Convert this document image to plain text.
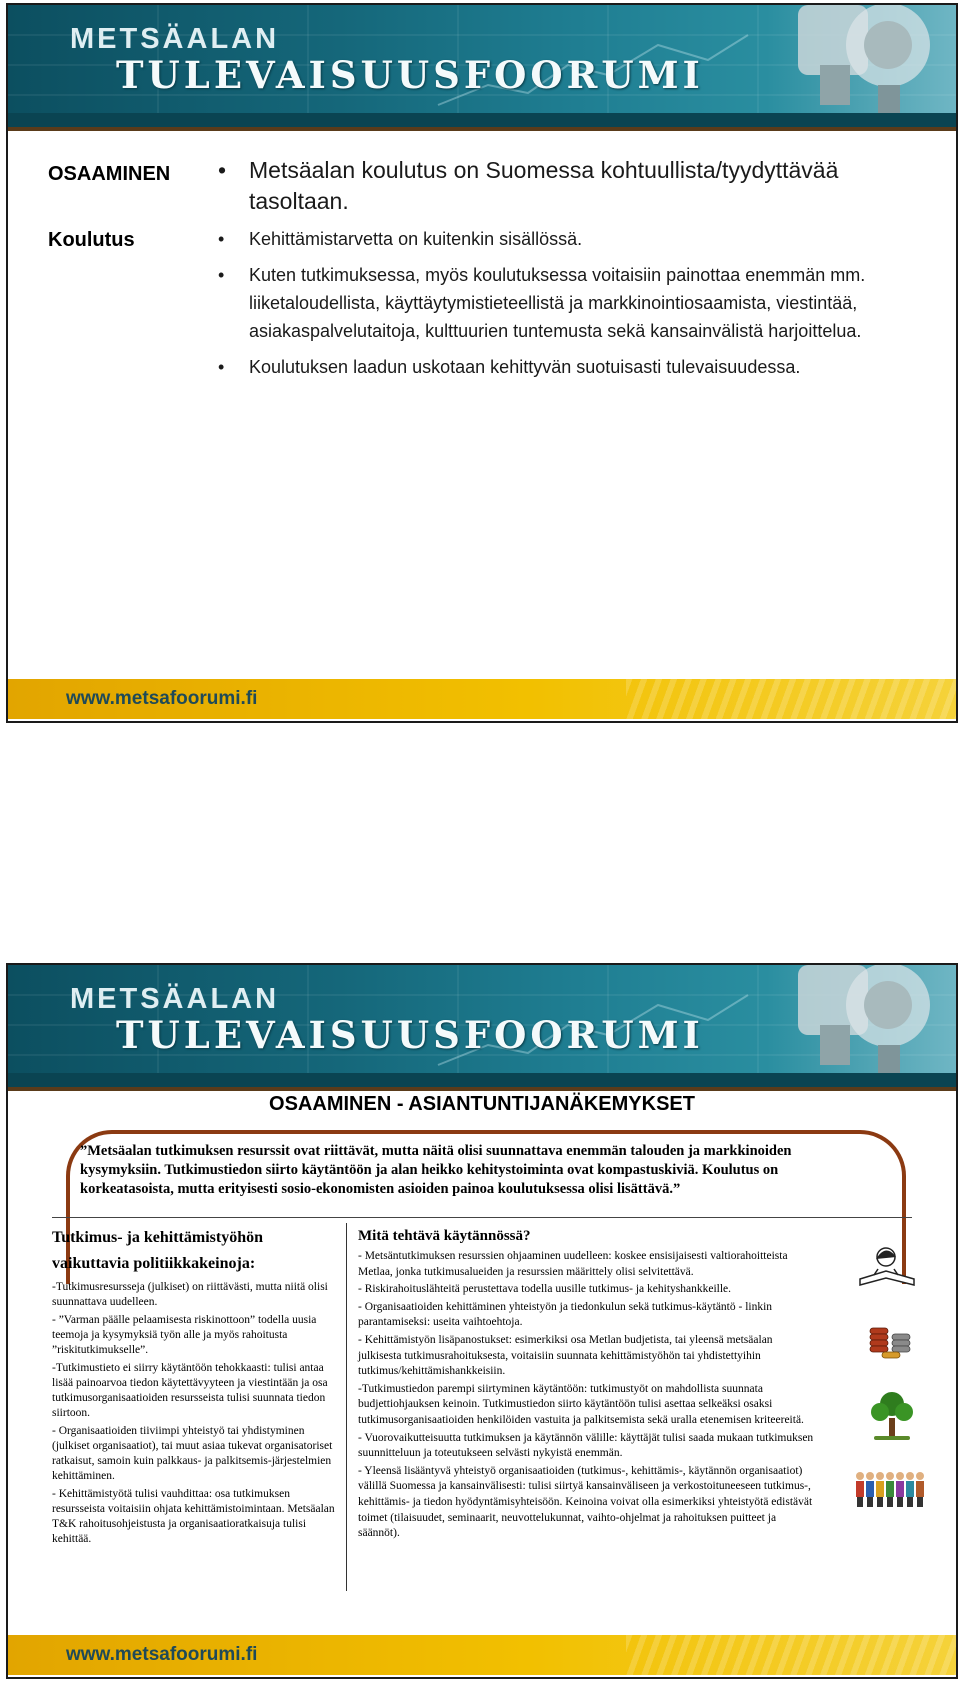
METSÄALAN
TULEVAISUUSFOORUMI
OSAAMINEN
Koulutus
• Metsäalan koulutus on Suomessa kohtuullista/tyydyttävää tasoltaan.
• Kehittämistarvetta on kuitenkin sisällössä.
• Kuten tutkimuksessa, myös koulutuksessa voitaisiin painottaa enemmän mm. liiketaloudellista, käyttäytymistieteellistä ja markkinointiosaamista, viestintää, asiakaspalvelutaitoja, kulttuurien tuntemusta sekä kansainvälistä harjoittelua.
• Koulutuksen laadun uskotaan kehittyvän suotuisasti tulevaisuudessa.
www.metsafoorumi.fi
METSÄALAN
TULEVAISUUSFOORUMI
OSAAMINEN - ASIANTUNTIJANÄKEMYKSET
”Metsäalan tutkimuksen resurssit ovat riittävät, mutta näitä olisi suunnattava enemmän talouden ja markkinoiden kysymyksiin. Tutkimustiedon siirto käytäntöön ja alan heikko kehitystoiminta ovat kompastuskiviä. Koulutus on korkeatasoista, mutta erityisesti sosio-ekonomisten asioiden painoa koulutuksessa olisi lisättävä.”
Tutkimus- ja kehittämistyöhön
vaikuttavia politiikkakeinoja:

-Tutkimusresursseja (julkiset) on riittävästi, mutta niitä olisi suunnattava uudelleen.

- ”Varman päälle pelaamisesta riskinottoon” todella uusia teemoja ja kysymyksiä työn alle ja myös rahoitusta ”riskitutkimukselle”.

-Tutkimustieto ei siirry käytäntöön tehokkaasti: tulisi antaa lisää painoarvoa tiedon käytettävyyteen ja viestintään ja osa tutkimusorganisaatioiden resursseista tulisi suunnata tiedon siirtoon.

- Organisaatioiden tiiviimpi yhteistyö tai yhdistyminen (julkiset organisaatiot), tai muut asiaa tukevat organisatoriset ratkaisut, samoin kuin palkkaus- ja palkitsemis-järjestelmien kehittäminen.

- Kehittämistyötä tulisi vauhdittaa: osa tutkimuksen resursseista voitaisiin ohjata kehittämistoimintaan. Metsäalan T&K rahoitusohjeistusta ja organisaatioratkaisuja tulisi kehittää.

Mitä tehtävä käytännössä?

- Metsäntutkimuksen resurssien ohjaaminen uudelleen: koskee ensisijaisesti valtiorahoitteista Metlaa, jonka tutkimusalueiden ja resurssien määrittely olisi selvitettävä.

- Riskirahoituslähteitä perustettava todella uusille tutkimus- ja kehityshankkeille.

- Organisaatioiden kehittäminen yhteistyön ja tiedonkulun sekä tutkimus-käytäntö - linkin parantamiseksi: useita vaihtoehtoja.

- Kehittämistyön lisäpanostukset: esimerkiksi osa Metlan budjetista, tai yleensä metsäalan julkisesta tutkimusrahoituksesta, voitaisiin suunnata kehittämistyöhön tai yhdistettyihin tutkimus/kehittämishankkeisiin.

-Tutkimustiedon parempi siirtyminen käytäntöön: tutkimustyöt on mahdollista suunnata budjettiohjauksen keinoin. Tutkimustiedon siirto käytäntöön tulisi asettaa selkeäksi osaksi tutkimusorganisaatioiden henkilöiden vastuita ja palkitsemista sekä uralla etenemisen kriteereitä.

- Vuorovaikutteisuutta tutkimuksen ja käytännön välille: käyttäjät tulisi saada mukaan tutkimuksen suunnitteluun ja toteutukseen selvästi nykyistä enemmän.

- Yleensä lisääntyvä yhteistyö organisaatioiden (tutkimus-, kehittämis-, käytännön organisaatiot) välillä Suomessa ja kansainvälisesti: tulisi siirtyä kansainväliseen ja verkostoituneeseen tutkimus-, kehittämis- ja tiedon hyödyntämisyhteisöön. Keinoina voivat olla esimerkiksi yhteistyötä edistävät toimet (tilaisuudet, seminaarit, neuvottelukunnat, vaihto-ohjelmat ja rahoituksen puitteet ja säännöt).

www.metsafoorumi.fi
